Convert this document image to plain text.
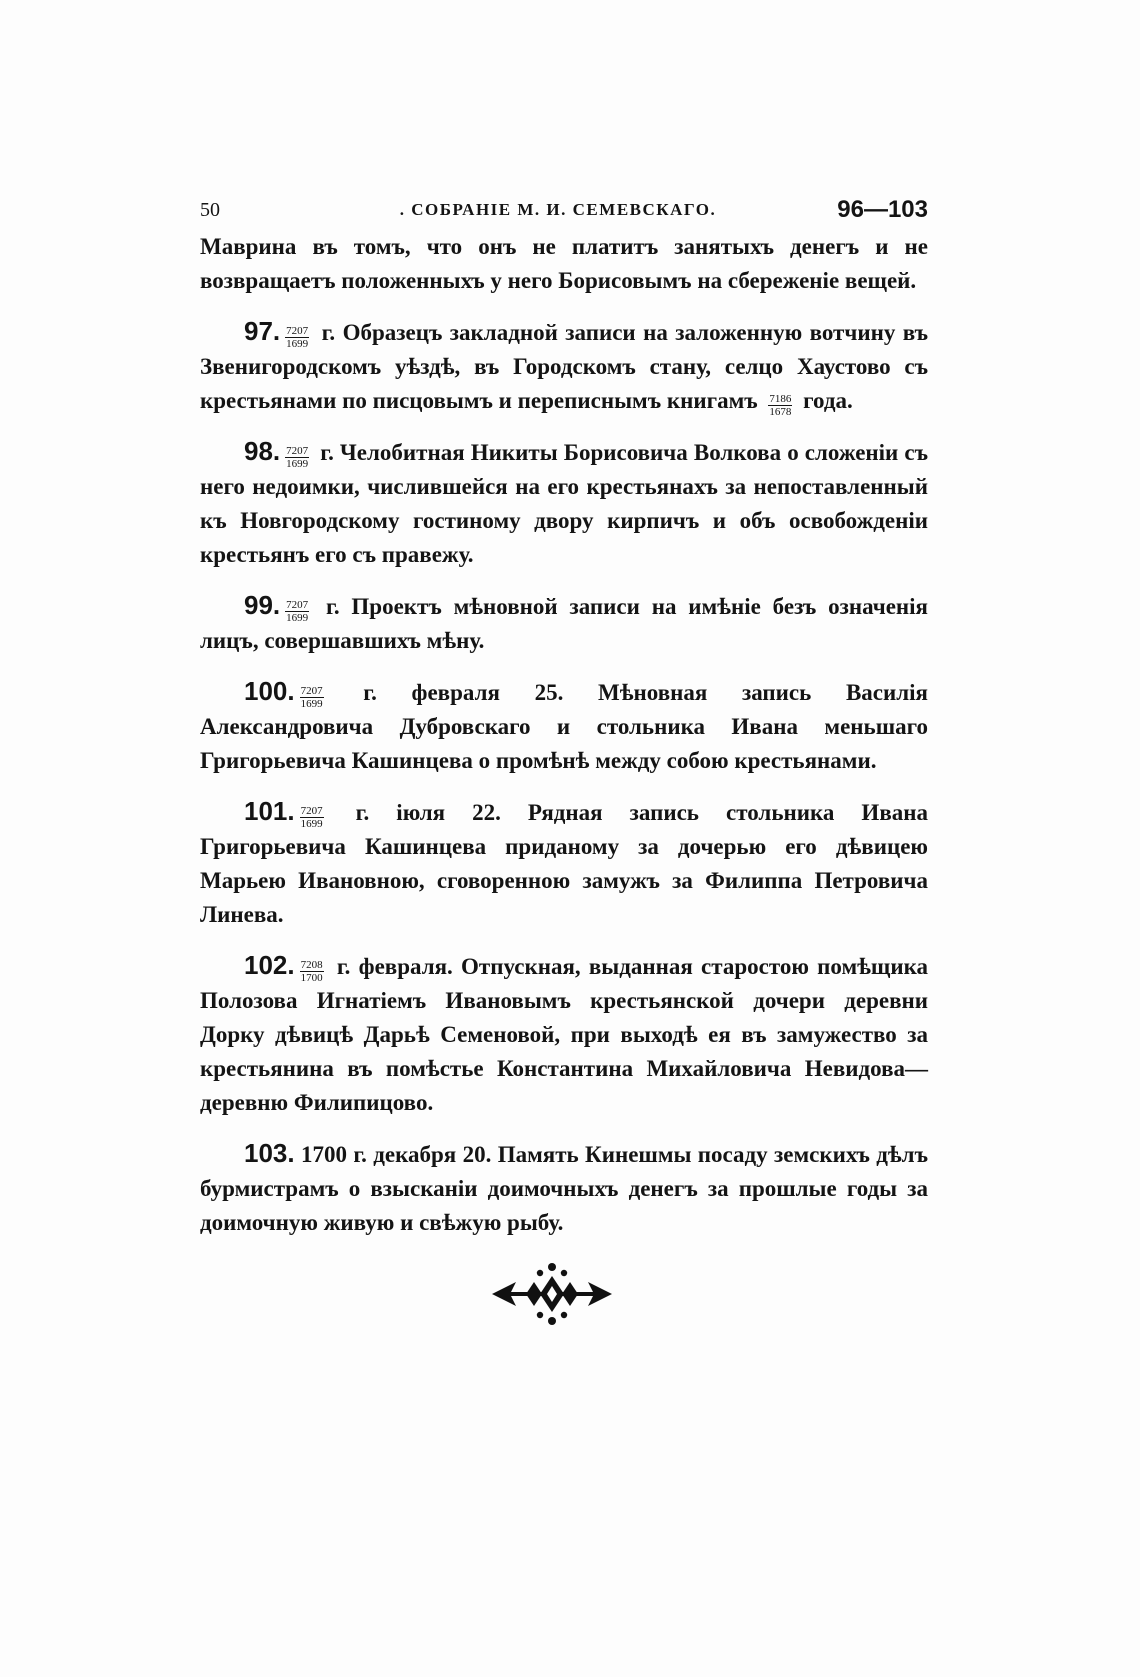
50	. СОБРАНІЕ М. И. СЕМЕВСКАГО.	96—103

Маврина въ томъ, что онъ не платитъ занятыхъ денегъ и не возвращаетъ положенныхъ у него Борисовымъ на сбереженіе вещей.

97. $\frac{7207}{1699} г$. Образецъ закладной записи на заложенную вотчину въ Звенигородскомъ уѣздѣ, въ Городскомъ стану, селцо Хаустово съ крестьянами по писцовымъ и переписнымъ книгамъ $\frac{7186}{1678}$ года.

98. $\frac{7207}{1699} г$. Челобитная Никиты Борисовича Волкова о сложеніи съ него недоимки, числившейся на его крестьянахъ за непоставленный къ Новгородскому гостиному двору кирпичъ и объ освобожденіи крестьянъ его съ правежу.

99. $\frac{7207}{1699} г$. Проектъ мѣновной записи на имѣніе безъ означенія лицъ, совершавшихъ мѣну.

100. $\frac{7207}{1699} г$. февраля 25. Мѣновная запись Василія Александровича Дубровскаго и стольника Ивана меньшаго Григорьевича Кашинцева о промѣнѣ между собою крестьянами.

101. $\frac{7207}{1699} г$. іюля 22. Рядная запись стольника Ивана Григорьевича Кашинцева приданому за дочерью его дѣвицею Марьею Ивановною, сговоренною замужъ за Филиппа Петровича Линева.

102. $\frac{7208}{1700} г$. февраля. Отпускная, выданная старостою помѣщика Полозова Игнатіемъ Ивановымъ крестьянской дочери деревни Дорку дѣвицѣ Дарьѣ Семеновой, при выходѣ ея въ замужество за крестьянина въ помѣстье Константина Михайловича Невидова—деревню Филипицово.

103. 1700 г. декабря 20. Память Кинешмы посаду земскихъ дѣлъ бурмистрамъ о взысканіи доимочныхъ денегъ за прошлые годы за доимочную живую и свѣжую рыбу.
